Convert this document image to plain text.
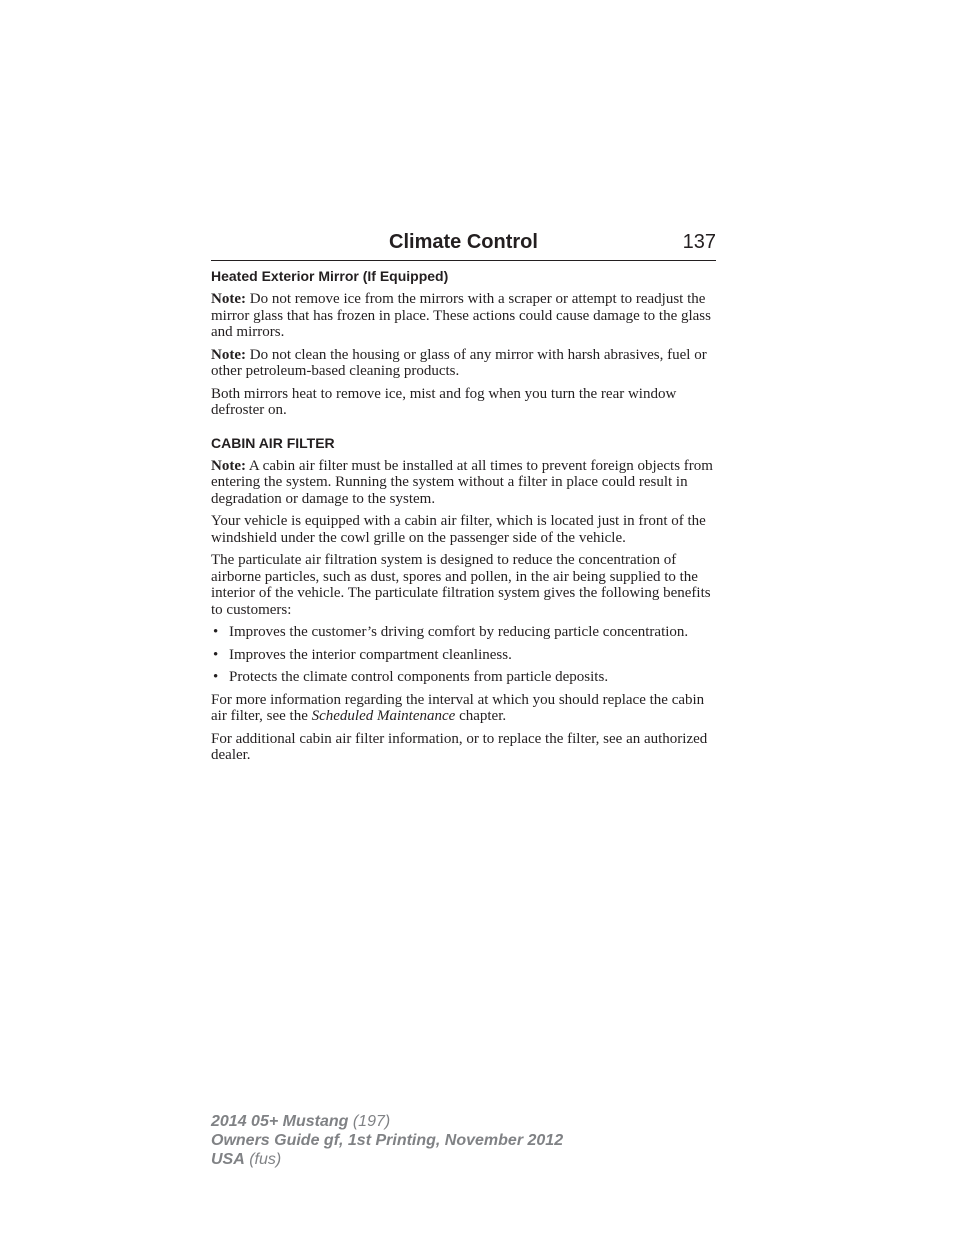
Climate Control	137
Heated Exterior Mirror (If Equipped)

Note: Do not remove ice from the mirrors with a scraper or attempt to readjust the mirror glass that has frozen in place. These actions could cause damage to the glass and mirrors.

Note: Do not clean the housing or glass of any mirror with harsh abrasives, fuel or other petroleum-based cleaning products.

Both mirrors heat to remove ice, mist and fog when you turn the rear window defroster on.

CABIN AIR FILTER

Note: A cabin air filter must be installed at all times to prevent foreign objects from entering the system. Running the system without a filter in place could result in degradation or damage to the system.

Your vehicle is equipped with a cabin air filter, which is located just in front of the windshield under the cowl grille on the passenger side of the vehicle.

The particulate air filtration system is designed to reduce the concentration of airborne particles, such as dust, spores and pollen, in the air being supplied to the interior of the vehicle. The particulate filtration system gives the following benefits to customers:

• Improves the customer’s driving comfort by reducing particle concentration.
• Improves the interior compartment cleanliness.
• Protects the climate control components from particle deposits.

For more information regarding the interval at which you should replace the cabin air filter, see the Scheduled Maintenance chapter.

For additional cabin air filter information, or to replace the filter, see an authorized dealer.

2014 05+ Mustang (197)
Owners Guide gf, 1st Printing, November 2012
USA (fus)
